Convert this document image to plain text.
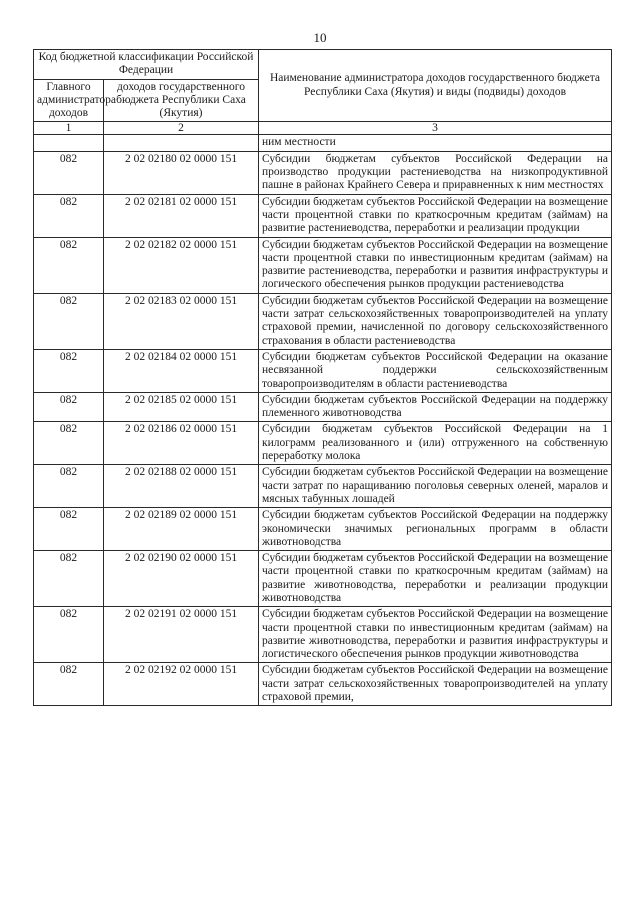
10
Код бюджетной классификации Российской Федерации		Наименование администратора доходов государственного бюджета Республики Саха (Якутия) и виды (подвиды) доходов
Главного администратора доходов	доходов государственного бюджета Республики Саха (Якутия)	
1	2	3
		ним местности
082	2 02 02180 02 0000 151	Субсидии бюджетам субъектов Российской Федерации на производство продукции растениеводства на низкопродуктивной пашне в районах Крайнего Севера и приравненных к ним местностях
082	2 02 02181 02 0000 151	Субсидии бюджетам субъектов Российской Федерации на возмещение части процентной ставки по краткосрочным кредитам (займам) на развитие растениеводства, переработки и реализации продукции
082	2 02 02182 02 0000 151	Субсидии бюджетам субъектов Российской Федерации на возмещение части процентной ставки по инвестиционным кредитам (займам) на развитие растениеводства, переработки и развития инфраструктуры и логического обеспечения рынков продукции растениеводства
082	2 02 02183 02 0000 151	Субсидии бюджетам субъектов Российской Федерации на возмещение части затрат сельскохозяйственных товаропроизводителей на уплату страховой премии, начисленной по договору сельскохозяйственного страхования в области растениеводства
082	2 02 02184 02 0000 151	Субсидии бюджетам субъектов Российской Федерации на оказание несвязанной поддержки сельскохозяйственным товаропроизводителям в области растениеводства
082	2 02 02185 02 0000 151	Субсидии бюджетам субъектов Российской Федерации на поддержку племенного животноводства
082	2 02 02186 02 0000 151	Субсидии бюджетам субъектов Российской Федерации на 1 килограмм реализованного и (или) отгруженного на собственную переработку молока
082	2 02 02188 02 0000 151	Субсидии бюджетам субъектов Российской Федерации на возмещение части затрат по наращиванию поголовья северных оленей, маралов и мясных табунных лошадей
082	2 02 02189 02 0000 151	Субсидии бюджетам субъектов Российской Федерации на поддержку экономически значимых региональных программ в области животноводства
082	2 02 02190 02 0000 151	Субсидии бюджетам субъектов Российской Федерации на возмещение части процентной ставки по краткосрочным кредитам (займам) на развитие животноводства, переработки и реализации продукции животноводства
082	2 02 02191 02 0000 151	Субсидии бюджетам субъектов Российской Федерации на возмещение части процентной ставки по инвестиционным кредитам (займам) на развитие животноводства, переработки и развития инфраструктуры и логистического обеспечения рынков продукции животноводства
082	2 02 02192 02 0000 151	Субсидии бюджетам субъектов Российской Федерации на возмещение части затрат сельскохозяйственных товаропроизводителей на уплату страховой премии,
